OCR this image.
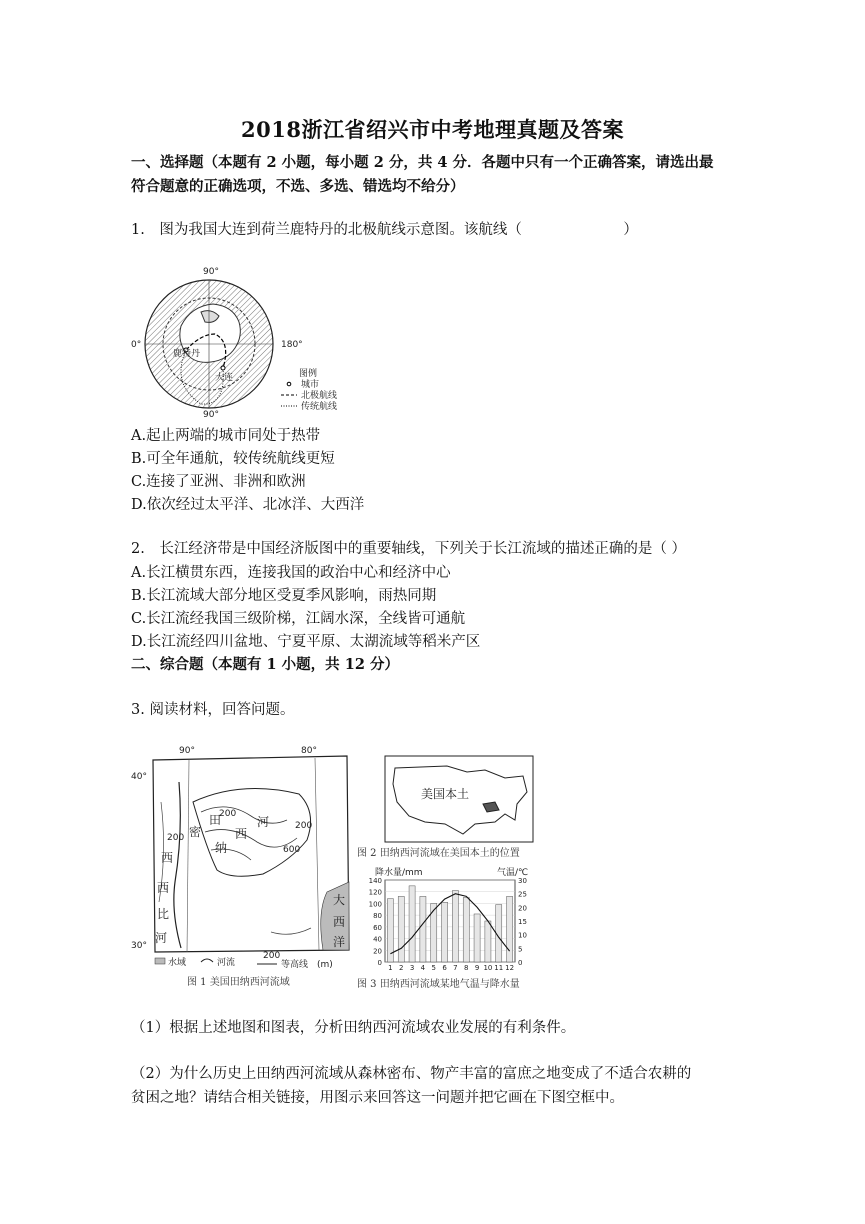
2018浙江省绍兴市中考地理真题及答案
一、选择题（本题有 2 小题，每小题 2 分，共 4 分．各题中只有一个正确答案，请选出最
符合题意的正确选项，不选、多选、错选均不给分）
1.　图为我国大连到荷兰鹿特丹的北极航线示意图。该航线（　　　　　　　）
90°
90°
0°	180°
鹿特丹
大连	图例
城市
北极航线
传统航线
A.起止两端的城市同处于热带
B.可全年通航，较传统航线更短
C.连接了亚洲、非洲和欧洲
D.依次经过太平洋、北冰洋、大西洋
2.　长江经济带是中国经济版图中的重要轴线，下列关于长江流域的描述正确的是（ ）
A.长江横贯东西，连接我国的政治中心和经济中心
B.长江流域大部分地区受夏季风影响，雨热同期
C.长江流经我国三级阶梯，江阔水深，全线皆可通航
D.长江流经四川盆地、宁夏平原、太湖流域等稻米产区
二、综合题（本题有 1 小题，共 12 分）
3. 阅读材料，回答问题。
90°	80°
40°
30°
密
西
西
比
河
田
纳
西
河
大
西
洋
200
200
600
200
水域	河流
200
等高线 (m)
图 1 美国田纳西河流域
美国本土
图 2 田纳西河流域在美国本土的位置
降水量/mm	气温/℃
0
20
40
60
80
100
120
140
0
5
10
15
20
25
30
1 2 3 4 5 6 7 8 9 10 11 12
图 3 田纳西河流域某地气温与降水量
（1）根据上述地图和图表，分析田纳西河流域农业发展的有利条件。
（2）为什么历史上田纳西河流域从森林密布、物产丰富的富庶之地变成了不适合农耕的
贫困之地？请结合相关链接，用图示来回答这一问题并把它画在下图空框中。
